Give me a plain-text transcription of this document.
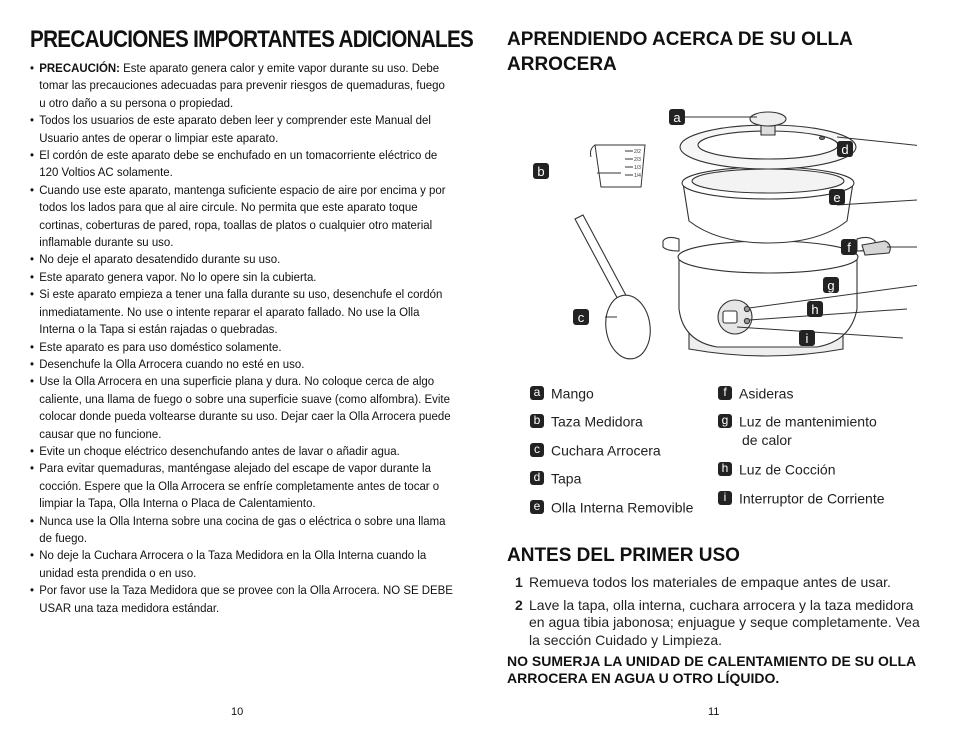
PRECAUCIONES IMPORTANTES ADICIONALES
• PRECAUCIÓN: Este aparato genera calor y emite vapor durante su uso. Debe tomar las precauciones adecuadas para prevenir riesgos de quemaduras, fuego u otro daño a su persona o propiedad.
• Todos los usuarios de este aparato deben leer y comprender este Manual del Usuario antes de operar o limpiar este aparato.
• El cordón de este aparato debe se enchufado en un tomacorriente eléctrico de 120 Voltios AC solamente.
• Cuando use este aparato, mantenga suficiente espacio de aire por encima y por todos los lados para que al aire circule. No permita que este aparato toque cortinas, coberturas de pared, ropa, toallas de platos o cualquier otro material inflamable durante su uso.
• No deje el aparato desatendido durante su uso.
• Este aparato genera vapor. No lo opere sin la cubierta.
• Si este aparato empieza a tener una falla durante su uso, desenchufe el cordón inmediatamente. No use o intente reparar el aparato fallado. No use la Olla Interna o la Tapa si están rajadas o quebradas.
• Este aparato es para uso doméstico solamente.
• Desenchufe la Olla Arrocera cuando no esté en uso.
• Use la Olla Arrocera en una superficie plana y dura. No coloque cerca de algo caliente, una llama de fuego o sobre una superficie suave (como alfombra). Evite colocar donde pueda voltearse durante su uso. Dejar caer la Olla Arrocera puede causar que no funcione.
• Evite un choque eléctrico desenchufando antes de lavar o añadir agua.
• Para evitar quemaduras, manténgase alejado del escape de vapor durante la cocción. Espere que la Olla Arrocera se enfríe completamente antes de tocar o limpiar la Tapa, Olla Interna o Placa de Calentamiento.
• Nunca use la Olla Interna sobre una cocina de gas o eléctrica o sobre una llama de fuego.
• No deje la Cuchara Arrocera o la Taza Medidora en la Olla Interna cuando la unidad esta prendida o en uso.
• Por favor use la Taza Medidora que se provee con la Olla Arrocera. NO SE DEBE USAR una taza medidora estándar.
10
APRENDIENDO ACERCA DE SU OLLA
ARROCERA
2/2
2/3
1/3
1/4
a
b
c
d
e
f
g
h
i
a Mango
b Taza Medidora
c Cuchara Arrocera
d Tapa
e Olla Interna Removible
f Asideras
g Luz de mantenimiento
de calor
h Luz de Cocción
i Interruptor de Corriente
ANTES DEL PRIMER USO
1 Remueva todos los materiales de empaque antes de usar.
2 Lave la tapa, olla interna, cuchara arrocera y la taza medidora en agua tibia jabonosa; enjuague y seque completamente. Vea la sección Cuidado y Limpieza.
NO SUMERJA LA UNIDAD DE CALENTAMIENTO DE SU OLLA ARROCERA EN AGUA U OTRO LÍQUIDO.
11
